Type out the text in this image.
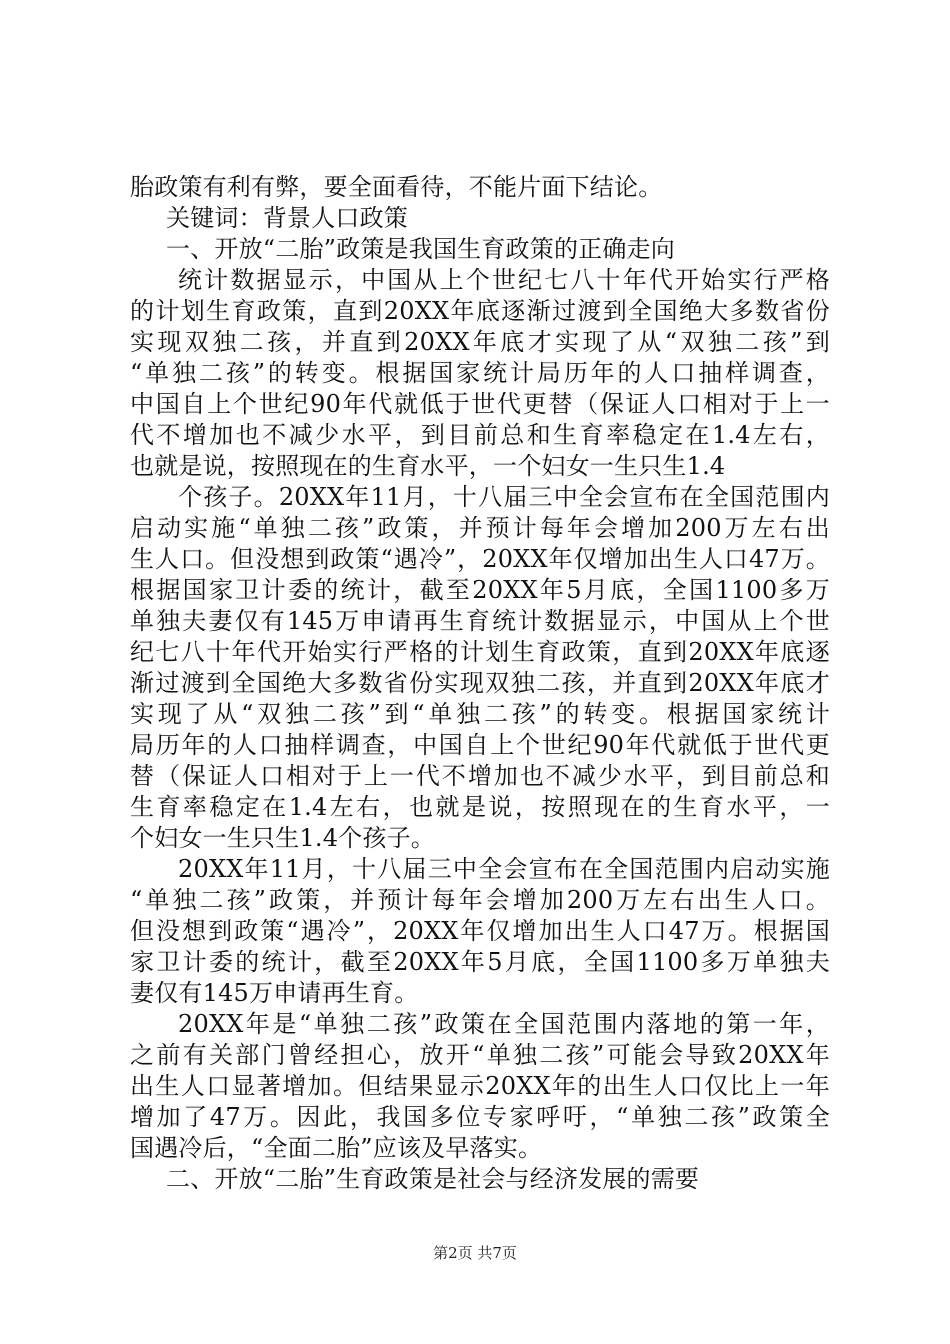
胎政策有利有弊，要全面看待，不能片面下结论。
关键词：背景人口政策
一、开放“二胎”政策是我国生育政策的正确走向
统计数据显示，中国从上个世纪七八十年代开始实行严格
的计划生育政策，直到20XX年底逐渐过渡到全国绝大多数省份
实现双独二孩，并直到20XX年底才实现了从“双独二孩”到
“单独二孩”的转变。根据国家统计局历年的人口抽样调查，
中国自上个世纪90年代就低于世代更替（保证人口相对于上一
代不增加也不减少水平，到目前总和生育率稳定在1.4左右，
也就是说，按照现在的生育水平，一个妇女一生只生1.4
个孩子。20XX年11月，十八届三中全会宣布在全国范围内
启动实施“单独二孩”政策，并预计每年会增加200万左右出
生人口。但没想到政策“遇冷”，20XX年仅增加出生人口47万。
根据国家卫计委的统计，截至20XX年5月底，全国1100多万
单独夫妻仅有145万申请再生育统计数据显示，中国从上个世
纪七八十年代开始实行严格的计划生育政策，直到20XX年底逐
渐过渡到全国绝大多数省份实现双独二孩，并直到20XX年底才
实现了从“双独二孩”到“单独二孩”的转变。根据国家统计
局历年的人口抽样调查，中国自上个世纪90年代就低于世代更
替（保证人口相对于上一代不增加也不减少水平，到目前总和
生育率稳定在1.4左右，也就是说，按照现在的生育水平，一
个妇女一生只生1.4个孩子。
20XX年11月，十八届三中全会宣布在全国范围内启动实施
“单独二孩”政策，并预计每年会增加200万左右出生人口。
但没想到政策“遇冷”，20XX年仅增加出生人口47万。根据国
家卫计委的统计，截至20XX年5月底，全国1100多万单独夫
妻仅有145万申请再生育。
20XX年是“单独二孩”政策在全国范围内落地的第一年，
之前有关部门曾经担心，放开“单独二孩”可能会导致20XX年
出生人口显著增加。但结果显示20XX年的出生人口仅比上一年
增加了47万。因此，我国多位专家呼吁，“单独二孩”政策全
国遇冷后，“全面二胎”应该及早落实。
二、开放“二胎”生育政策是社会与经济发展的需要
第2页 共7页
